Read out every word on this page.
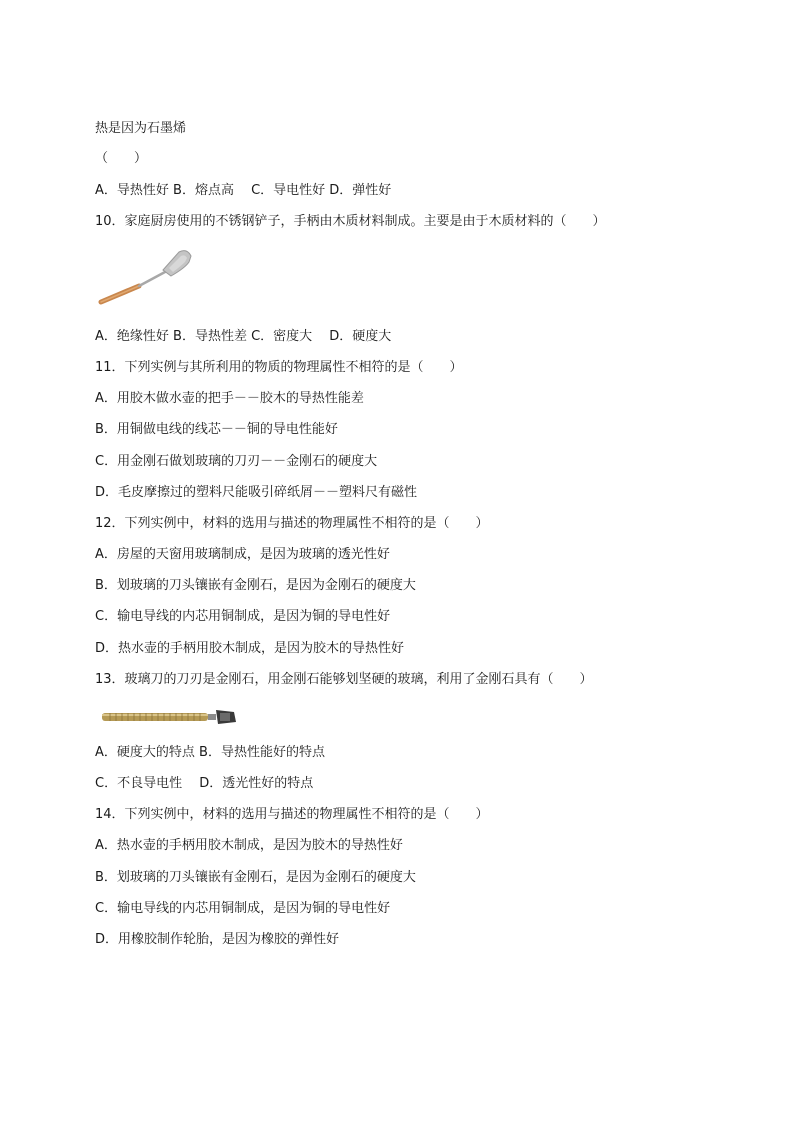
热是因为石墨烯
（　　）
A．导热性好 B．熔点高　 C．导电性好 D．弹性好
10．家庭厨房使用的不锈钢铲子，手柄由木质材料制成。主要是由于木质材料的（　　）
A．绝缘性好 B．导热性差 C．密度大　 D．硬度大
11．下列实例与其所利用的物质的物理属性不相符的是（　　）
A．用胶木做水壶的把手－－胶木的导热性能差
B．用铜做电线的线芯－－铜的导电性能好
C．用金刚石做划玻璃的刀刃－－金刚石的硬度大
D．毛皮摩擦过的塑料尺能吸引碎纸屑－－塑料尺有磁性
12．下列实例中，材料的选用与描述的物理属性不相符的是（　　）
A．房屋的天窗用玻璃制成，是因为玻璃的透光性好
B．划玻璃的刀头镶嵌有金刚石，是因为金刚石的硬度大
C．输电导线的内芯用铜制成，是因为铜的导电性好
D．热水壶的手柄用胶木制成，是因为胶木的导热性好
13．玻璃刀的刀刃是金刚石，用金刚石能够划坚硬的玻璃，利用了金刚石具有（　　）
A．硬度大的特点 B．导热性能好的特点
C．不良导电性　 D．透光性好的特点
14．下列实例中，材料的选用与描述的物理属性不相符的是（　　）
A．热水壶的手柄用胶木制成，是因为胶木的导热性好
B．划玻璃的刀头镶嵌有金刚石，是因为金刚石的硬度大
C．输电导线的内芯用铜制成，是因为铜的导电性好
D．用橡胶制作轮胎，是因为橡胶的弹性好
